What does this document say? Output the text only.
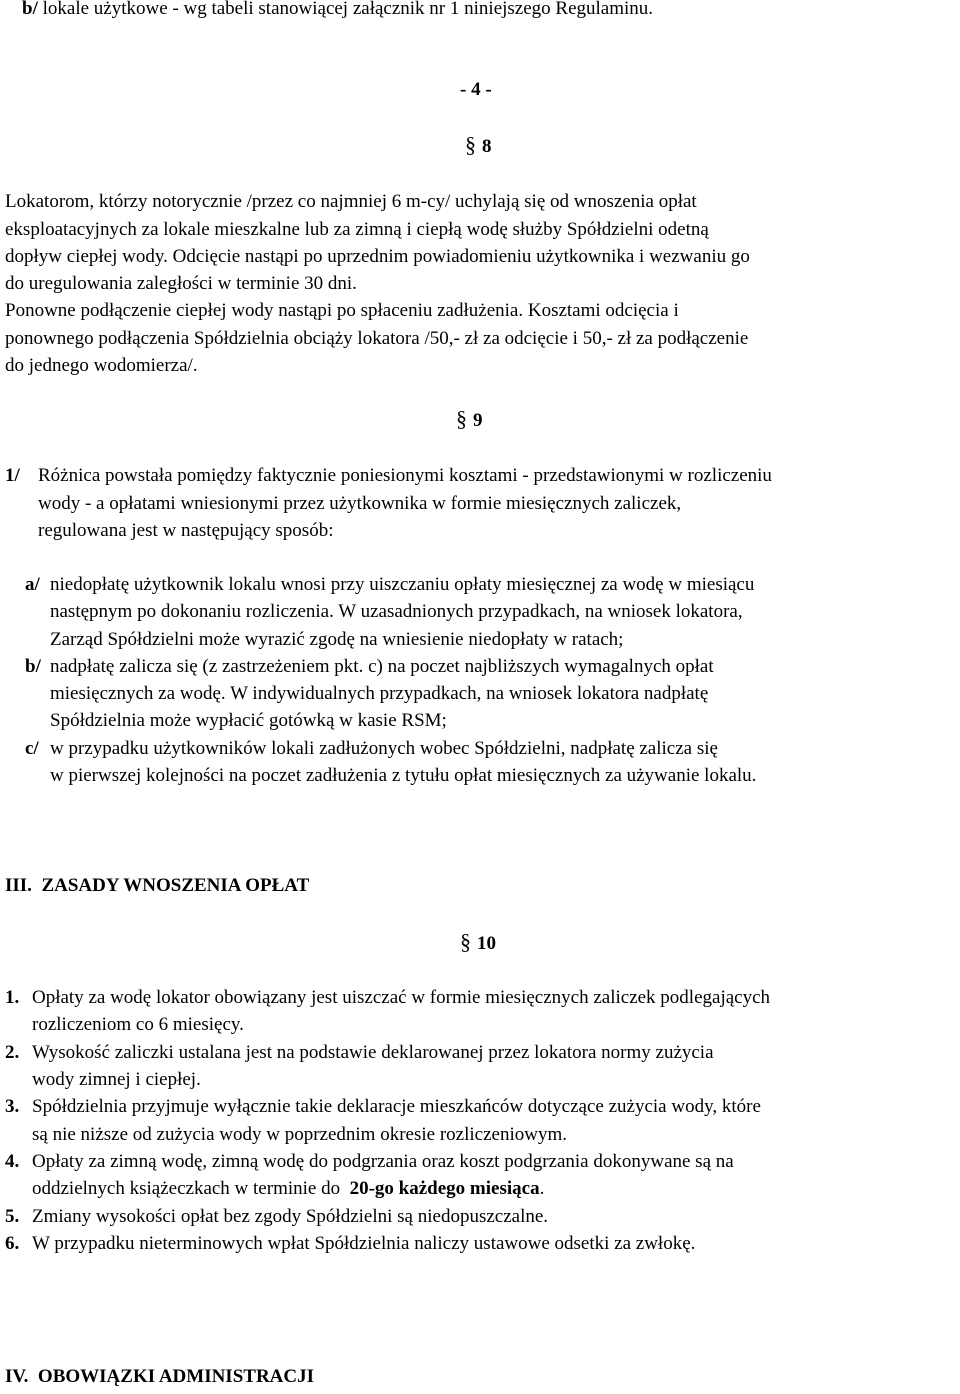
b/ lokale użytkowe - wg tabeli stanowiącej załącznik nr 1 niniejszego Regulaminu.
- 4 -
§ 8
Lokatorom, którzy notorycznie /przez co najmniej 6 m-cy/ uchylają się od wnoszenia opłat
eksploatacyjnych za lokale mieszkalne lub za zimną i ciepłą wodę służby Spółdzielni odetną
dopływ ciepłej wody. Odcięcie nastąpi po uprzednim powiadomieniu użytkownika i wezwaniu go
do uregulowania zaległości w terminie 30 dni.
Ponowne podłączenie ciepłej wody nastąpi po spłaceniu zadłużenia. Kosztami odcięcia i
ponownego podłączenia Spółdzielnia obciąży lokatora /50,- zł za odcięcie i 50,- zł za podłączenie
do jednego wodomierza/.
§ 9
1/ Różnica powstała pomiędzy faktycznie poniesionymi kosztami - przedstawionymi w rozliczeniu
wody - a opłatami wniesionymi przez użytkownika w formie miesięcznych zaliczek,
regulowana jest w następujący sposób:
a/ niedopłatę użytkownik lokalu wnosi przy uiszczaniu opłaty miesięcznej za wodę w miesiącu
następnym po dokonaniu rozliczenia. W uzasadnionych przypadkach, na wniosek lokatora,
Zarząd Spółdzielni może wyrazić zgodę na wniesienie niedopłaty w ratach;
b/ nadpłatę zalicza się (z zastrzeżeniem pkt. c) na poczet najbliższych wymagalnych opłat
miesięcznych za wodę. W indywidualnych przypadkach, na wniosek lokatora nadpłatę
Spółdzielnia może wypłacić gotówką w kasie RSM;
c/ w przypadku użytkowników lokali zadłużonych wobec Spółdzielni, nadpłatę zalicza się
w pierwszej kolejności na poczet zadłużenia z tytułu opłat miesięcznych za używanie lokalu.
III. ZASADY WNOSZENIA OPŁAT
§ 10
1. Opłaty za wodę lokator obowiązany jest uiszczać w formie miesięcznych zaliczek podlegających
rozliczeniom co 6 miesięcy.
2. Wysokość zaliczki ustalana jest na podstawie deklarowanej przez lokatora normy zużycia
wody zimnej i ciepłej.
3. Spółdzielnia przyjmuje wyłącznie takie deklaracje mieszkańców dotyczące zużycia wody, które
są nie niższe od zużycia wody w poprzednim okresie rozliczeniowym.
4. Opłaty za zimną wodę, zimną wodę do podgrzania oraz koszt podgrzania dokonywane są na
oddzielnych książeczkach w terminie do  20-go każdego miesiąca.
5. Zmiany wysokości opłat bez zgody Spółdzielni są niedopuszczalne.
6. W przypadku nieterminowych wpłat Spółdzielnia naliczy ustawowe odsetki za zwłokę.
IV. OBOWIĄZKI ADMINISTRACJI
